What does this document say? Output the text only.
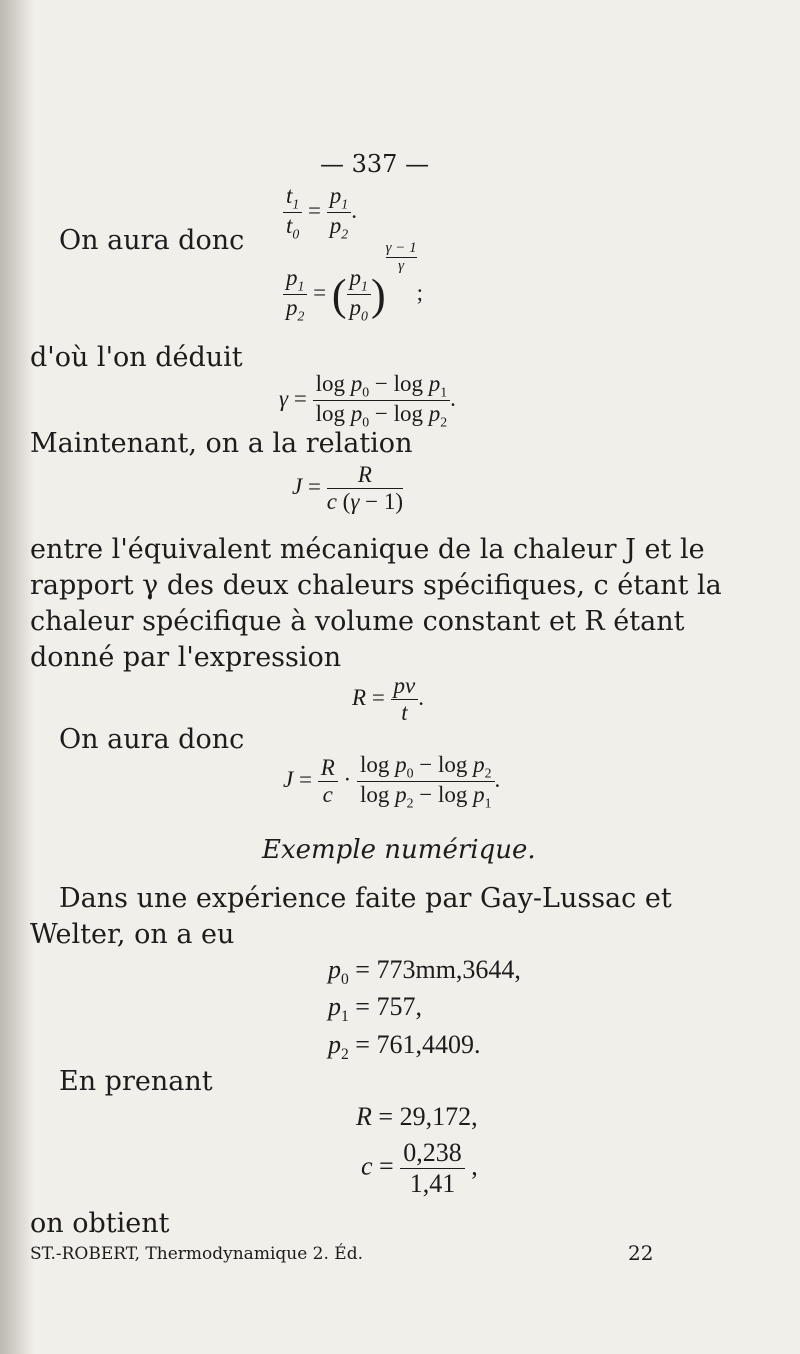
— 337 —
$\frac{t_1}{t_0} = \frac{p_1}{p_2}$ .
On aura donc
$\frac{p_1}{p_2}$ = ( $\frac{p_1}{p_0}$ )
$\frac{\gamma - 1}{\gamma}$
;
d'où l'on déduit
$\gamma = \frac{\log p_0 - \log p_1}{\log p_0 - \log p_2}$ .
Maintenant, on a la relation
$J = \frac{R}{c (\gamma - 1)}$
entre l'équivalent mécanique de la chaleur J et le
rapport γ des deux chaleurs spécifiques, c étant la
chaleur spécifique à volume constant et R étant
donné par l'expression
$R = \frac{pv}{t}$ .
On aura donc
$J = \frac{R}{c} \cdot \frac{\log p_0 - \log p_2}{\log p_2 - \log p_1}$ .
Exemple numérique.
Dans une expérience faite par Gay-Lussac et
Welter, on a eu
$p_0 = 773mm,3644$,
$p_1 = 757$,
$p_2 = 761,4409$.
En prenant
R = 29,172,
$c = \frac{0,238}{1,41}$ ,
on obtient
ST.-ROBERT, Thermodynamique 2. Éd.	22
